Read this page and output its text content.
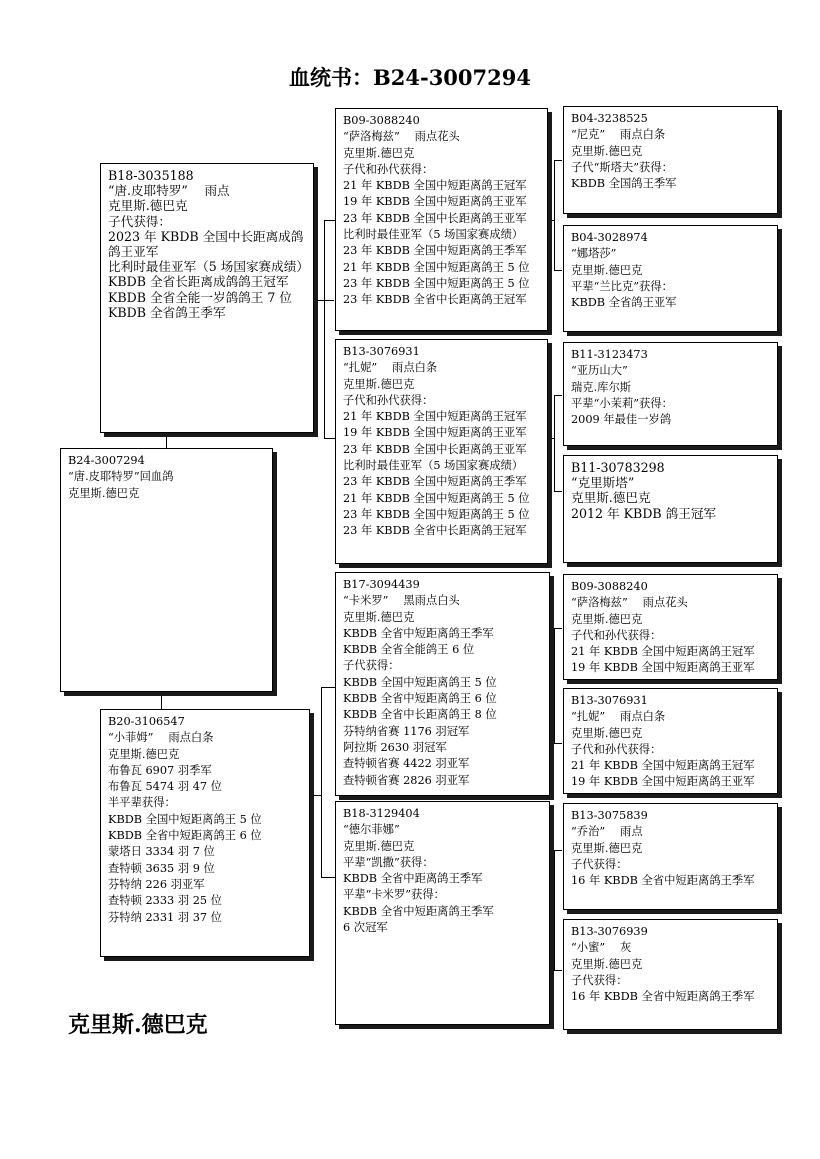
血统书：B24-3007294
B24-3007294
“唐.皮耶特罗”回血鸽
克里斯.德巴克
B18-3035188
“唐.皮耶特罗”　 雨点
克里斯.德巴克
子代获得：
2023 年 KBDB 全国中长距离成鸽鸽王亚军
比利时最佳亚军（5 场国家赛成绩）
KBDB 全省长距离成鸽鸽王冠军
KBDB 全省全能一岁鸽鸽王 7 位
KBDB 全省鸽王季军
B20-3106547
“小菲姆”　 雨点白条
克里斯.德巴克
布鲁瓦 6907 羽季军
布鲁瓦 5474 羽 47 位
半平辈获得：
KBDB 全国中短距离鸽王 5 位
KBDB 全省中短距离鸽王 6 位
蒙塔日 3334 羽 7 位
查特顿 3635 羽 9 位
芬特纳 226 羽亚军
查特顿 2333 羽 25 位
芬特纳 2331 羽 37 位
B09-3088240
“萨洛梅兹”　 雨点花头
克里斯.德巴克
子代和孙代获得：
21 年 KBDB 全国中短距离鸽王冠军
19 年 KBDB 全国中短距离鸽王亚军
23 年 KBDB 全国中长距离鸽王亚军
比利时最佳亚军（5 场国家赛成绩）
23 年 KBDB 全国中短距离鸽王季军
21 年 KBDB 全国中短距离鸽王 5 位
23 年 KBDB 全国中短距离鸽王 5 位
23 年 KBDB 全省中长距离鸽王冠军
B13-3076931
“扎妮”　 雨点白条
克里斯.德巴克
子代和孙代获得：
21 年 KBDB 全国中短距离鸽王冠军
19 年 KBDB 全国中短距离鸽王亚军
23 年 KBDB 全国中长距离鸽王亚军
比利时最佳亚军（5 场国家赛成绩）
23 年 KBDB 全国中短距离鸽王季军
21 年 KBDB 全国中短距离鸽王 5 位
23 年 KBDB 全国中短距离鸽王 5 位
23 年 KBDB 全省中长距离鸽王冠军
B17-3094439
“卡米罗”　 黑雨点白头
克里斯.德巴克
KBDB 全省中短距离鸽王季军
KBDB 全省全能鸽王 6 位
子代获得：
KBDB 全国中短距离鸽王 5 位
KBDB 全省中短距离鸽王 6 位
KBDB 全省中长距离鸽王 8 位
芬特纳省赛 1176 羽冠军
阿拉斯 2630 羽冠军
查特顿省赛 4422 羽亚军
查特顿省赛 2826 羽亚军
B18-3129404
“德尔菲娜”
克里斯.德巴克
平辈“凯撒”获得：
KBDB 全省中距离鸽王季军
平辈“卡米罗”获得：
KBDB 全省中短距离鸽王季军
6 次冠军
B04-3238525
“尼克”　 雨点白条
克里斯.德巴克
子代“斯塔夫”获得：
KBDB 全国鸽王季军
B04-3028974
“娜塔莎”
克里斯.德巴克
平辈“兰比克”获得：
KBDB 全省鸽王亚军
B11-3123473
“亚历山大”
瑞克.库尔斯
平辈“小茉莉”获得：
2009 年最佳一岁鸽
B11-30783298
“克里斯塔”
克里斯.德巴克
2012 年 KBDB 鸽王冠军
B09-3088240
“萨洛梅兹”　 雨点花头
克里斯.德巴克
子代和孙代获得：
21 年 KBDB 全国中短距离鸽王冠军
19 年 KBDB 全国中短距离鸽王亚军
B13-3076931
“扎妮”　 雨点白条
克里斯.德巴克
子代和孙代获得：
21 年 KBDB 全国中短距离鸽王冠军
19 年 KBDB 全国中短距离鸽王亚军
B13-3075839
“乔治”　 雨点
克里斯.德巴克
子代获得：
16 年 KBDB 全省中短距离鸽王季军
B13-3076939
“小蜜”　 灰
克里斯.德巴克
子代获得：
16 年 KBDB 全省中短距离鸽王季军
克里斯.德巴克
